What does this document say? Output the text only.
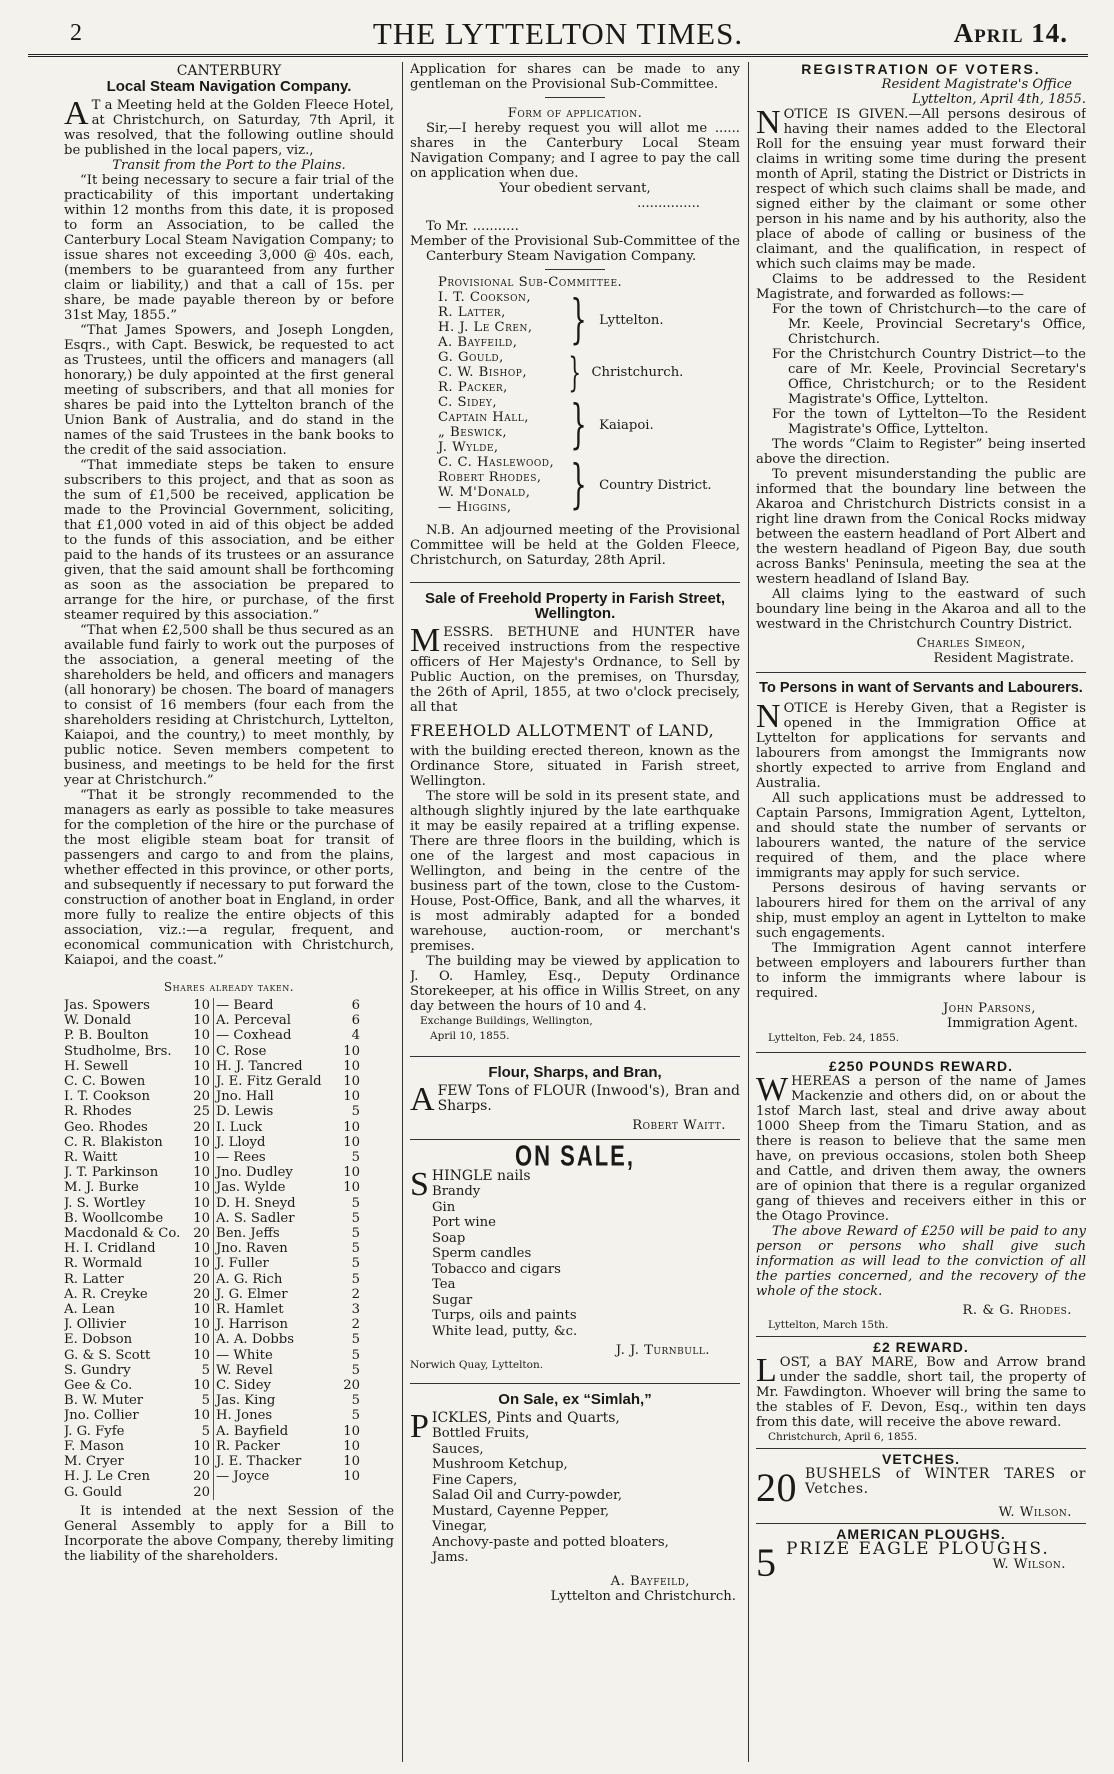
2	THE LYTTELTON TIMES.	April 14.

CANTERBURY

Local Steam Navigation Company.

A T a Meeting held at the Golden Fleece Hotel, at Christchurch, on Saturday, 7th April, it was resolved, that the following outline should be published in the local papers, viz.,

Transit from the Port to the Plains.

“It being necessary to secure a fair trial of the practicability of this important undertaking within 12 months from this date, it is proposed to form an Association, to be called the Canterbury Local Steam Navigation Company; to issue shares not exceeding 3,000 @ 40s. each, (members to be guaranteed from any further claim or liability,) and that a call of 15s. per share, be made payable thereon by or before 31st May, 1855.”

“That James Spowers, and Joseph Longden, Esqrs., with Capt. Beswick, be requested to act as Trustees, until the officers and managers (all honorary,) be duly appointed at the first general meeting of subscribers, and that all monies for shares be paid into the Lyttelton branch of the Union Bank of Australia, and do stand in the names of the said Trustees in the bank books to the credit of the said association.

“That immediate steps be taken to ensure subscribers to this project, and that as soon as the sum of £1,500 be received, application be made to the Provincial Government, soliciting, that £1,000 voted in aid of this object be added to the funds of this association, and be either paid to the hands of its trustees or an assurance given, that the said amount shall be forthcoming as soon as the association be prepared to arrange for the hire, or purchase, of the first steamer required by this association.”

“That when £2,500 shall be thus secured as an available fund fairly to work out the purposes of the association, a general meeting of the shareholders be held, and officers and managers (all honorary) be chosen. The board of managers to consist of 16 members (four each from the shareholders residing at Christchurch, Lyttelton, Kaiapoi, and the country,) to meet monthly, by public notice. Seven members competent to business, and meetings to be held for the first year at Christchurch.”

“That it be strongly recommended to the managers as early as possible to take measures for the completion of the hire or the purchase of the most eligible steam boat for transit of passengers and cargo to and from the plains, whether effected in this province, or other ports, and subsequently if necessary to put forward the construction of another boat in England, in order more fully to realize the entire objects of this association, viz.:—a regular, frequent, and economical communication with Christchurch, Kaiapoi, and the coast.”

Shares already taken.

Jas. Spowers	10 — Beard	6
W. Donald	10 A. Perceval	6
P. B. Boulton	10 — Coxhead	4
Studholme, Brs.	10 C. Rose	10
H. Sewell	10 H. J. Tancred	10
C. C. Bowen	10 J. E. Fitz Gerald	10
I. T. Cookson	20 Jno. Hall	10
R. Rhodes	25 D. Lewis	5
Geo. Rhodes	20 I. Luck	10
C. R. Blakiston	10 J. Lloyd	10
R. Waitt	10 — Rees	5
J. T. Parkinson	10 Jno. Dudley	10
M. J. Burke	10 Jas. Wylde	10
J. S. Wortley	10 D. H. Sneyd	5
B. Woollcombe	10 A. S. Sadler	5
Macdonald & Co. 20 Ben. Jeffs	5
H. I. Cridland	10 Jno. Raven	5
R. Wormald	10 J. Fuller	5
R. Latter	20 A. G. Rich	5
A. R. Creyke	20 J. G. Elmer	2
A. Lean	10 R. Hamlet	3
J. Ollivier	10 J. Harrison	2
E. Dobson	10 A. A. Dobbs	5
G. & S. Scott	10 — White	5
S. Gundry	5 W. Revel	5
Gee & Co.	10 C. Sidey	20
B. W. Muter	5 Jas. King	5
Jno. Collier	10 H. Jones	5
J. G. Fyfe	5 A. Bayfield	10
F. Mason	10 R. Packer	10
M. Cryer	10 J. E. Thacker	10
H. J. Le Cren	20 — Joyce	10
G. Gould	20

It is intended at the next Session of the General Assembly to apply for a Bill to Incorporate the above Company, thereby limiting the liability of the shareholders.

Application for shares can be made to any gentleman on the Provisional Sub-Committee.

Form of application.

Sir,—I hereby request you will allot me ...... shares in the Canterbury Local Steam Navigation Company; and I agree to pay the call on application when due.

Your obedient servant,

...............

To Mr. ...........

Member of the Provisional Sub-Committee of the Canterbury Steam Navigation Company.

Provisional Sub-Committee.

I. T. Cookson,
R. Latter,
H. J. Le Cren,
A. Bayfeild,	} Lyttelton.
G. Gould,
C. W. Bishop,
R. Packer,	} Christchurch.
C. Sidey,
Captain Hall,
„ Beswick,
J. Wylde,	} Kaiapoi.
C. C. Haslewood,
Robert Rhodes,
W. M'Donald,
— Higgins,	} Country District.

N.B. An adjourned meeting of the Provisional Committee will be held at the Golden Fleece, Christchurch, on Saturday, 28th April.

Sale of Freehold Property in Farish Street, Wellington.

MESSRS. BETHUNE and HUNTER have received instructions from the respective officers of Her Majesty's Ordnance, to Sell by Public Auction, on the premises, on Thursday, the 26th of April, 1855, at two o'clock precisely, all that

FREEHOLD ALLOTMENT of LAND,

with the building erected thereon, known as the Ordinance Store, situated in Farish street, Wellington.

The store will be sold in its present state, and although slightly injured by the late earthquake it may be easily repaired at a trifling expense. There are three floors in the building, which is one of the largest and most capacious in Wellington, and being in the centre of the business part of the town, close to the Custom-House, Post-Office, Bank, and all the wharves, it is most admirably adapted for a bonded warehouse, auction-room, or merchant's premises.

The building may be viewed by application to J. O. Hamley, Esq., Deputy Ordinance Storekeeper, at his office in Willis Street, on any day between the hours of 10 and 4.

Exchange Buildings, Wellington,

April 10, 1855.

Flour, Sharps, and Bran,

AFEW Tons of FLOUR (Inwood's), Bran and Sharps.

Robert Waitt.

ON SALE,

SHINGLE nails

Brandy
Gin
Port wine
Soap
Sperm candles
Tobacco and cigars
Tea
Sugar
Turps, oils and paints
White lead, putty, &c.

J. J. Turnbull.

Norwich Quay, Lyttelton.

On Sale, ex “Simlah,”

PICKLES, Pints and Quarts,

Bottled Fruits,
Sauces,
Mushroom Ketchup,
Fine Capers,
Salad Oil and Curry-powder,
Mustard, Cayenne Pepper,
Vinegar,
Anchovy-paste and potted bloaters,
Jams.

A. Bayfeild,

Lyttelton and Christchurch.

REGISTRATION OF VOTERS.

Resident Magistrate's Office

Lyttelton, April 4th, 1855.

NOTICE IS GIVEN.—All persons desirous of having their names added to the Electoral Roll for the ensuing year must forward their claims in writing some time during the present month of April, stating the District or Districts in respect of which such claims shall be made, and signed either by the claimant or some other person in his name and by his authority, also the place of abode of calling or business of the claimant, and the qualification, in respect of which such claims may be made.

Claims to be addressed to the Resident Magistrate, and forwarded as follows:—

For the town of Christchurch—to the care of Mr. Keele, Provincial Secretary's Office, Christchurch.

For the Christchurch Country District—to the care of Mr. Keele, Provincial Secretary's Office, Christchurch; or to the Resident Magistrate's Office, Lyttelton.

For the town of Lyttelton—To the Resident Magistrate's Office, Lyttelton.

The words “Claim to Register” being inserted above the direction.

To prevent misunderstanding the public are informed that the boundary line between the Akaroa and Christchurch Districts consist in a right line drawn from the Conical Rocks midway between the eastern headland of Port Albert and the western headland of Pigeon Bay, due south across Banks' Peninsula, meeting the sea at the western headland of Island Bay.

All claims lying to the eastward of such boundary line being in the Akaroa and all to the westward in the Christchurch Country District.

Charles Simeon,

Resident Magistrate.

To Persons in want of Servants and Labourers.

NOTICE is Hereby Given, that a Register is opened in the Immigration Office at Lyttelton for applications for servants and labourers from amongst the Immigrants now shortly expected to arrive from England and Australia.

All such applications must be addressed to Captain Parsons, Immigration Agent, Lyttelton, and should state the number of servants or labourers wanted, the nature of the service required of them, and the place where immigrants may apply for such service.

Persons desirous of having servants or labourers hired for them on the arrival of any ship, must employ an agent in Lyttelton to make such engagements.

The Immigration Agent cannot interfere between employers and labourers further than to inform the immigrants where labour is required.

John Parsons,

Immigration Agent.

Lyttelton, Feb. 24, 1855.

£250 POUNDS REWARD.

WHEREAS a person of the name of James Mackenzie and others did, on or about the 1stof March last, steal and drive away about 1000 Sheep from the Timaru Station, and as there is reason to believe that the same men have, on previous occasions, stolen both Sheep and Cattle, and driven them away, the owners are of opinion that there is a regular organized gang of thieves and receivers either in this or the Otago Province.

The above Reward of £250 will be paid to any person or persons who shall give such information as will lead to the conviction of all the parties concerned, and the recovery of the whole of the stock.

R. & G. Rhodes.

Lyttelton, March 15th.

£2 REWARD.

LOST, a BAY MARE, Bow and Arrow brand under the saddle, short tail, the property of Mr. Fawdington. Whoever will bring the same to the stables of F. Devon, Esq., within ten days from this date, will receive the above reward.

Christchurch, April 6, 1855.

VETCHES.

20 BUSHELS of WINTER TARES or Vetches.

W. Wilson.

AMERICAN PLOUGHS.

5 PRIZE EAGLE PLOUGHS.

W. Wilson.
